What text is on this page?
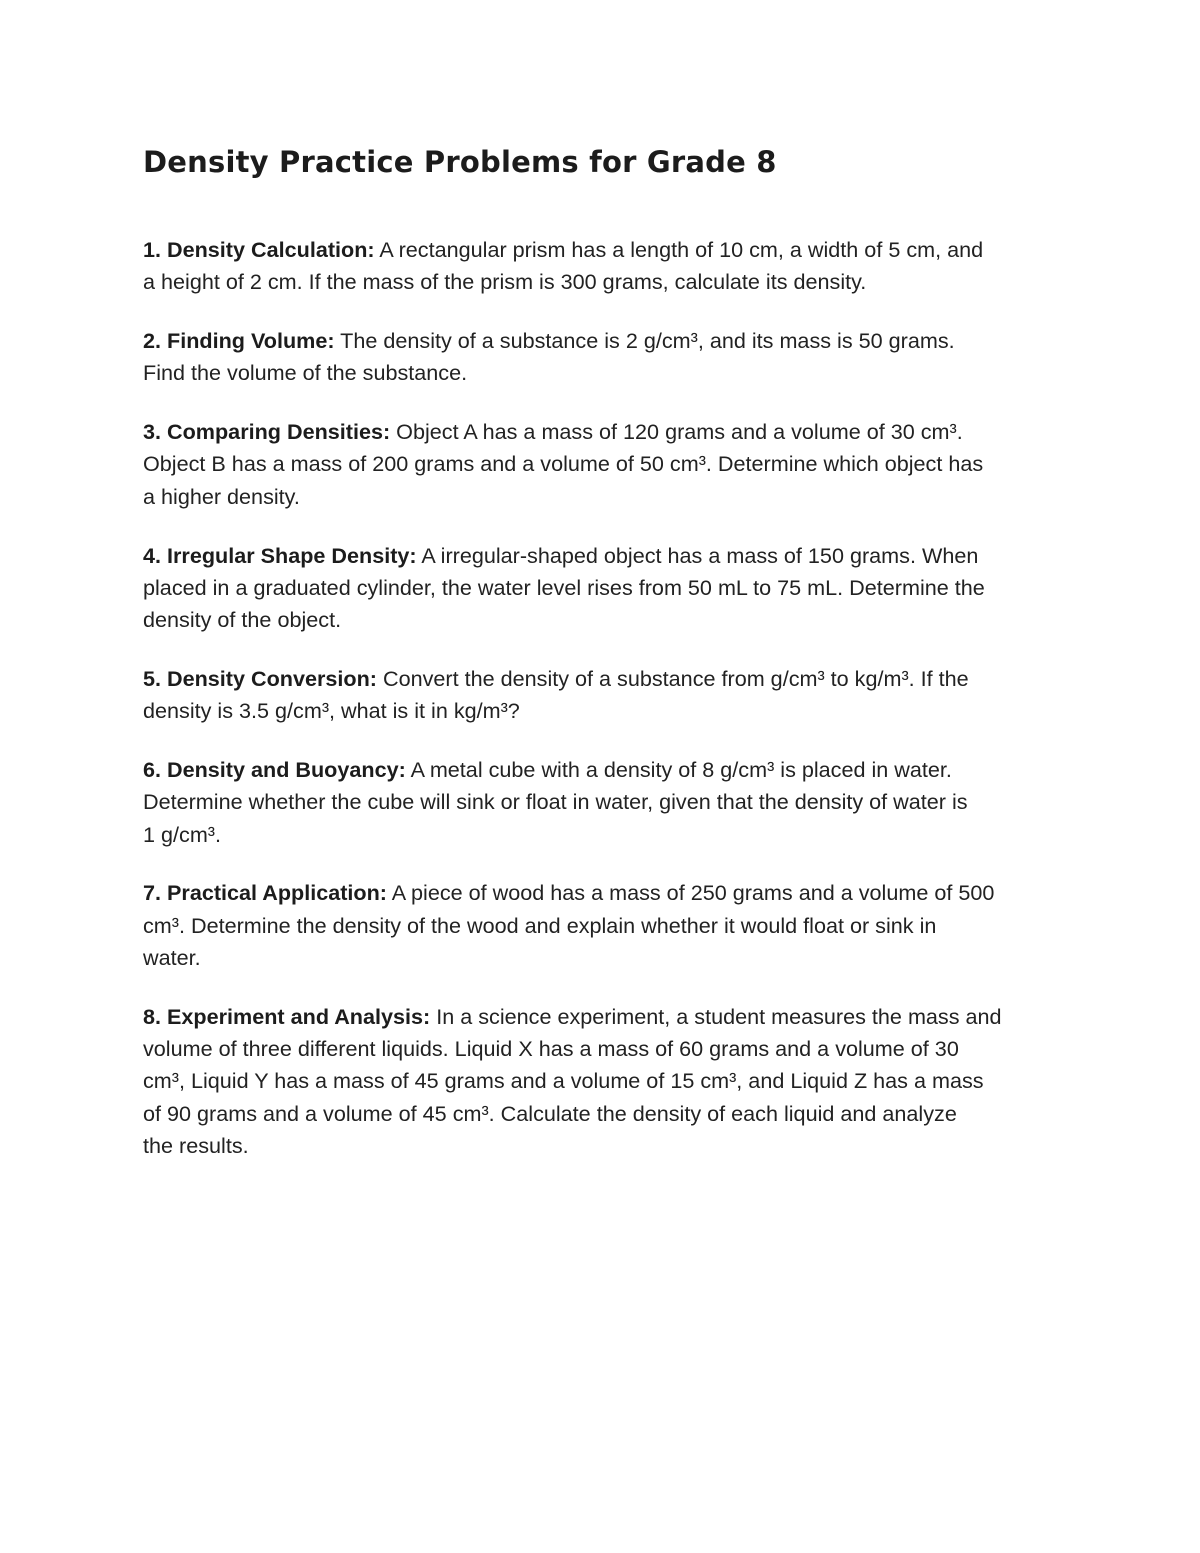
Density Practice Problems for Grade 8

1. Density Calculation: A rectangular prism has a length of 10 cm, a width of 5 cm, and
a height of 2 cm. If the mass of the prism is 300 grams, calculate its density.

2. Finding Volume: The density of a substance is 2 g/cm³, and its mass is 50 grams.
Find the volume of the substance.

3. Comparing Densities: Object A has a mass of 120 grams and a volume of 30 cm³.
Object B has a mass of 200 grams and a volume of 50 cm³. Determine which object has
a higher density.

4. Irregular Shape Density: A irregular-shaped object has a mass of 150 grams. When
placed in a graduated cylinder, the water level rises from 50 mL to 75 mL. Determine the
density of the object.

5. Density Conversion: Convert the density of a substance from g/cm³ to kg/m³. If the
density is 3.5 g/cm³, what is it in kg/m³?

6. Density and Buoyancy: A metal cube with a density of 8 g/cm³ is placed in water.
Determine whether the cube will sink or float in water, given that the density of water is
1 g/cm³.

7. Practical Application: A piece of wood has a mass of 250 grams and a volume of 500
cm³. Determine the density of the wood and explain whether it would float or sink in
water.

8. Experiment and Analysis: In a science experiment, a student measures the mass and
volume of three different liquids. Liquid X has a mass of 60 grams and a volume of 30
cm³, Liquid Y has a mass of 45 grams and a volume of 15 cm³, and Liquid Z has a mass
of 90 grams and a volume of 45 cm³. Calculate the density of each liquid and analyze
the results.
